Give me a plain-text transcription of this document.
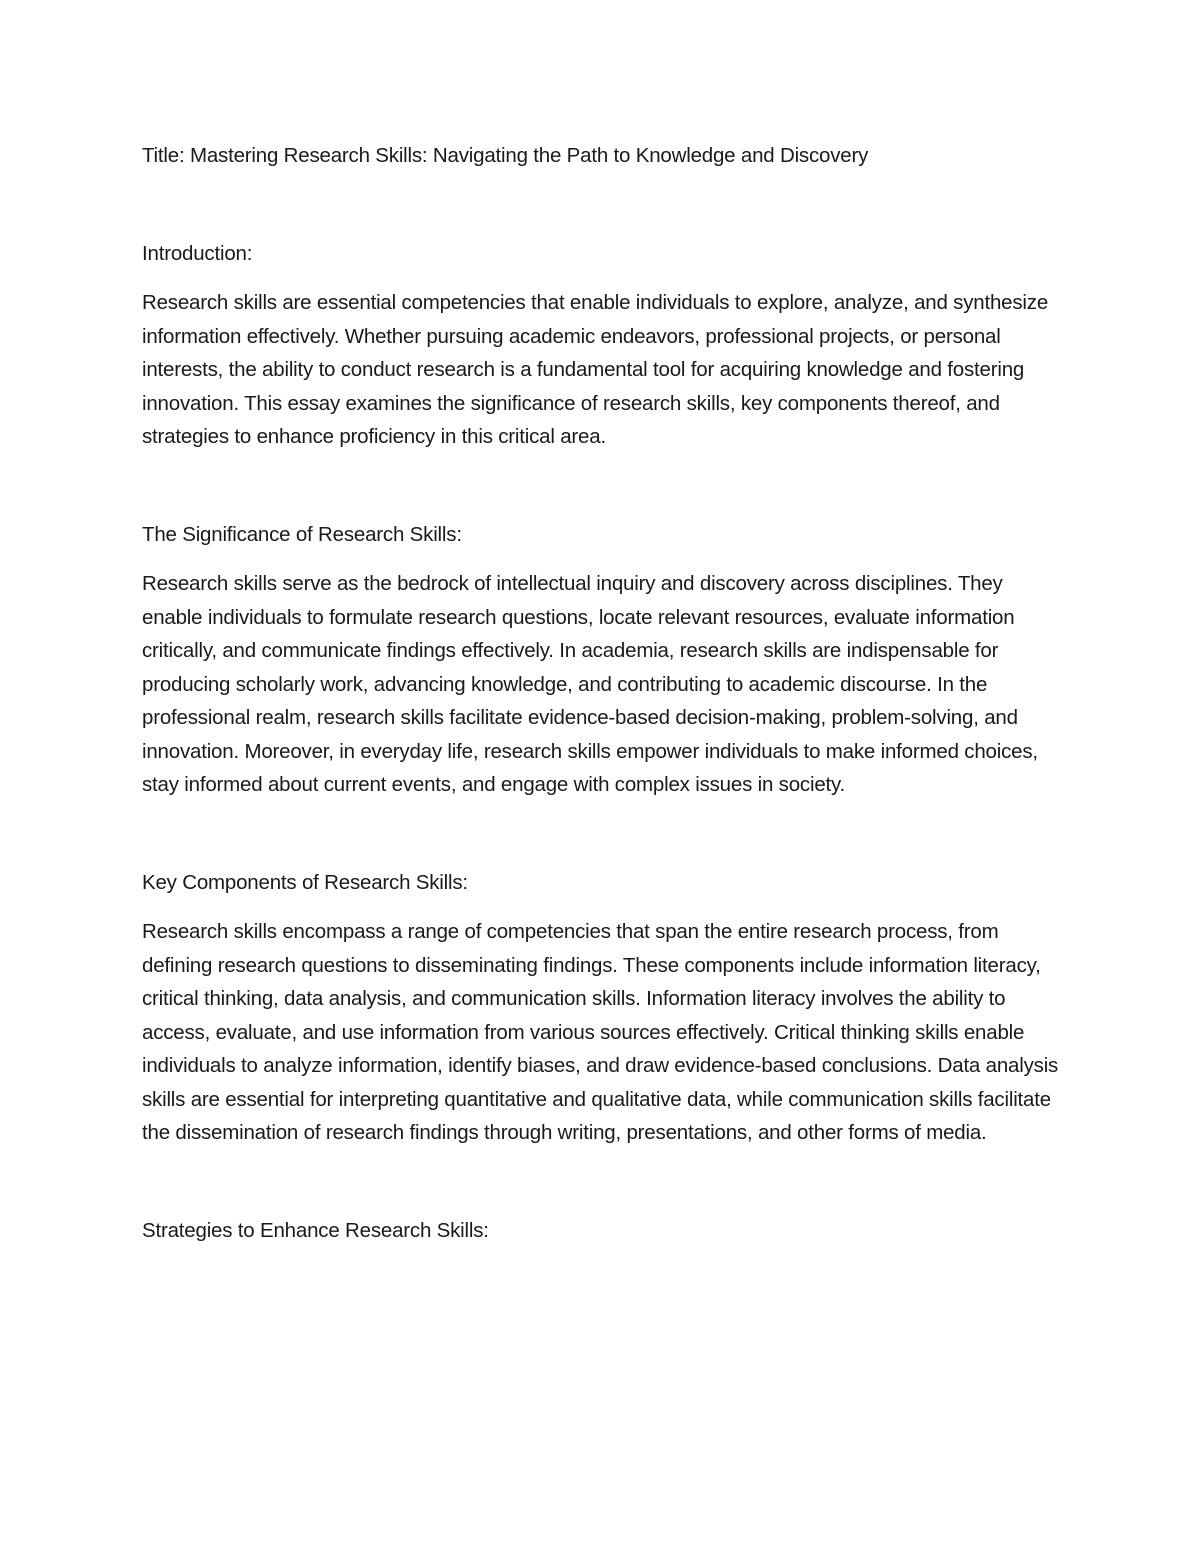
Title: Mastering Research Skills: Navigating the Path to Knowledge and Discovery

Introduction:

Research skills are essential competencies that enable individuals to explore, analyze, and synthesize information effectively. Whether pursuing academic endeavors, professional projects, or personal interests, the ability to conduct research is a fundamental tool for acquiring knowledge and fostering innovation. This essay examines the significance of research skills, key components thereof, and strategies to enhance proficiency in this critical area.

The Significance of Research Skills:

Research skills serve as the bedrock of intellectual inquiry and discovery across disciplines. They enable individuals to formulate research questions, locate relevant resources, evaluate information critically, and communicate findings effectively. In academia, research skills are indispensable for producing scholarly work, advancing knowledge, and contributing to academic discourse. In the professional realm, research skills facilitate evidence-based decision-making, problem-solving, and innovation. Moreover, in everyday life, research skills empower individuals to make informed choices, stay informed about current events, and engage with complex issues in society.

Key Components of Research Skills:

Research skills encompass a range of competencies that span the entire research process, from defining research questions to disseminating findings. These components include information literacy, critical thinking, data analysis, and communication skills. Information literacy involves the ability to access, evaluate, and use information from various sources effectively. Critical thinking skills enable individuals to analyze information, identify biases, and draw evidence-based conclusions. Data analysis skills are essential for interpreting quantitative and qualitative data, while communication skills facilitate the dissemination of research findings through writing, presentations, and other forms of media.

Strategies to Enhance Research Skills:
